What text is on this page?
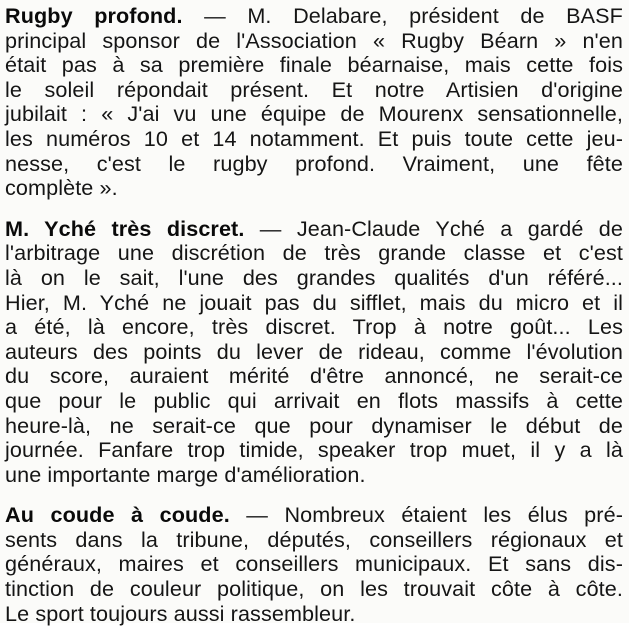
Rugby profond. — M. Delabare, président de BASF
principal sponsor de l'Association « Rugby Béarn » n'en
était pas à sa première finale béarnaise, mais cette fois
le soleil répondait présent. Et notre Artisien d'origine
jubilait : « J'ai vu une équipe de Mourenx sensationnelle,
les numéros 10 et 14 notamment. Et puis toute cette jeu-
nesse, c'est le rugby profond. Vraiment, une fête
complète ».

M. Yché très discret. — Jean-Claude Yché a gardé de
l'arbitrage une discrétion de très grande classe et c'est
là on le sait, l'une des grandes qualités d'un référé...
Hier, M. Yché ne jouait pas du sifflet, mais du micro et il
a été, là encore, très discret. Trop à notre goût... Les
auteurs des points du lever de rideau, comme l'évolution
du score, auraient mérité d'être annoncé, ne serait-ce
que pour le public qui arrivait en flots massifs à cette
heure-là, ne serait-ce que pour dynamiser le début de
journée. Fanfare trop timide, speaker trop muet, il y a là
une importante marge d'amélioration.

Au coude à coude. — Nombreux étaient les élus pré-
sents dans la tribune, députés, conseillers régionaux et
généraux, maires et conseillers municipaux. Et sans dis-
tinction de couleur politique, on les trouvait côte à côte.
Le sport toujours aussi rassembleur.
